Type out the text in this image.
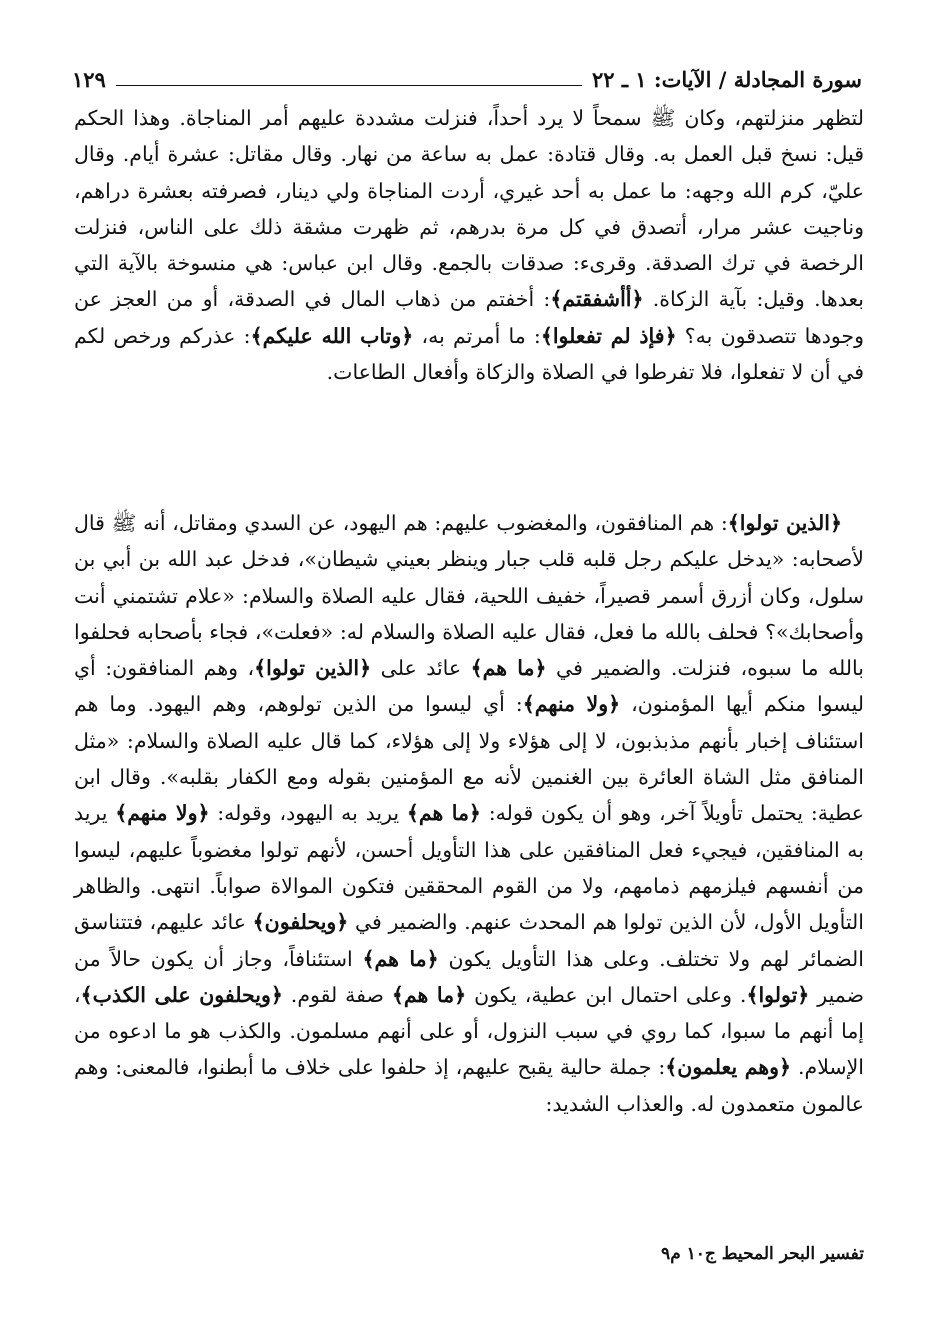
سورة المجادلة / الآيات: ١ ـ ٢٢
١٢٩
لتظهر منزلتهم، وكان ﷺ سمحاً لا يرد أحداً، فنزلت مشددة عليهم أمر المناجاة. وهذا الحكم قيل: نسخ قبل العمل به. وقال قتادة: عمل به ساعة من نهار. وقال مقاتل: عشرة أيام. وقال عليّ، كرم الله وجهه: ما عمل به أحد غيري، أردت المناجاة ولي دينار، فصرفته بعشرة دراهم، وناجيت عشر مرار، أتصدق في كل مرة بدرهم، ثم ظهرت مشقة ذلك على الناس، فنزلت الرخصة في ترك الصدقة. وقرىء: صدقات بالجمع. وقال ابن عباس: هي منسوخة بالآية التي بعدها. وقيل: بآية الزكاة. ﴿أأشفقتم﴾: أخفتم من ذهاب المال في الصدقة، أو من العجز عن وجودها تتصدقون به؟ ﴿فإذ لم تفعلوا﴾: ما أمرتم به، ﴿وتاب الله عليكم﴾: عذركم ورخص لكم في أن لا تفعلوا، فلا تفرطوا في الصلاة والزكاة وأفعال الطاعات.
﴿الذين تولوا﴾: هم المنافقون، والمغضوب عليهم: هم اليهود، عن السدي ومقاتل، أنه ﷺ قال لأصحابه: «يدخل عليكم رجل قلبه قلب جبار وينظر بعيني شيطان»، فدخل عبد الله بن أبي بن سلول، وكان أزرق أسمر قصيراً، خفيف اللحية، فقال عليه الصلاة والسلام: «علام تشتمني أنت وأصحابك»؟ فحلف بالله ما فعل، فقال عليه الصلاة والسلام له: «فعلت»، فجاء بأصحابه فحلفوا بالله ما سبوه، فنزلت. والضمير في ﴿ما هم﴾ عائد على ﴿الذين تولوا﴾، وهم المنافقون: أي ليسوا منكم أيها المؤمنون، ﴿ولا منهم﴾: أي ليسوا من الذين تولوهم، وهم اليهود. وما هم استئناف إخبار بأنهم مذبذبون، لا إلى هؤلاء ولا إلى هؤلاء، كما قال عليه الصلاة والسلام: «مثل المنافق مثل الشاة العائرة بين الغنمين لأنه مع المؤمنين بقوله ومع الكفار بقلبه». وقال ابن عطية: يحتمل تأويلاً آخر، وهو أن يكون قوله: ﴿ما هم﴾ يريد به اليهود، وقوله: ﴿ولا منهم﴾ يريد به المنافقين، فيجيء فعل المنافقين على هذا التأويل أحسن، لأنهم تولوا مغضوباً عليهم، ليسوا من أنفسهم فيلزمهم ذمامهم، ولا من القوم المحققين فتكون الموالاة صواباً. انتهى. والظاهر التأويل الأول، لأن الذين تولوا هم المحدث عنهم. والضمير في ﴿ويحلفون﴾ عائد عليهم، فتتناسق الضمائر لهم ولا تختلف. وعلى هذا التأويل يكون ﴿ما هم﴾ استئنافاً، وجاز أن يكون حالاً من ضمير ﴿تولوا﴾. وعلى احتمال ابن عطية، يكون ﴿ما هم﴾ صفة لقوم. ﴿ويحلفون على الكذب﴾، إما أنهم ما سبوا، كما روي في سبب النزول، أو على أنهم مسلمون. والكذب هو ما ادعوه من الإسلام. ﴿وهم يعلمون﴾: جملة حالية يقبح عليهم، إذ حلفوا على خلاف ما أبطنوا، فالمعنى: وهم عالمون متعمدون له. والعذاب الشديد:
تفسير البحر المحيط ج١٠ م٩
